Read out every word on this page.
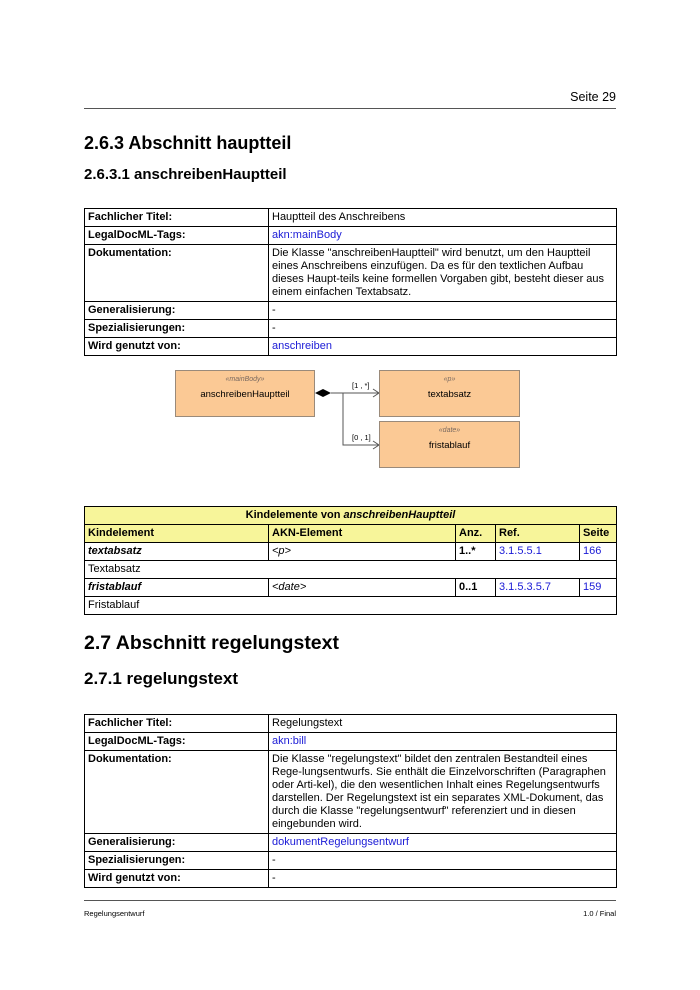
Seite 29
2.6.3 Abschnitt hauptteil
2.6.3.1 anschreibenHauptteil
Fachlicher Titel:	Hauptteil des Anschreibens
LegalDocML-Tags:	akn:mainBody
Dokumentation:	Die Klasse "anschreibenHauptteil" wird benutzt, um den Hauptteil eines Anschreibens einzufügen. Da es für den textlichen Aufbau dieses Haupt-teils keine formellen Vorgaben gibt, besteht dieser aus einem einfachen Textabsatz.
Generalisierung:	-
Spezialisierungen:	-
Wird genutzt von:	anschreiben
«mainBody»
anschreibenHauptteil
«p»
textabsatz
«date»
fristablauf
[1 , *]
[0 , 1]
Kindelemente von anschreibenHauptteil				
Kindelement	AKN-Element	Anz.	Ref.	Seite
textabsatz	<p>	1..*	3.1.5.5.1	166
Textabsatz				
fristablauf	<date>	0..1	3.1.5.3.5.7	159
Fristablauf				
2.7 Abschnitt regelungstext
2.7.1 regelungstext
Fachlicher Titel:	Regelungstext
LegalDocML-Tags:	akn:bill
Dokumentation:	Die Klasse "regelungstext" bildet den zentralen Bestandteil eines Rege-lungsentwurfs. Sie enthält die Einzelvorschriften (Paragraphen oder Arti-kel), die den wesentlichen Inhalt eines Regelungsentwurfs darstellen. Der Regelungstext ist ein separates XML-Dokument, das durch die Klasse "regelungsentwurf" referenziert und in diesen eingebunden wird.
Generalisierung:	dokumentRegelungsentwurf
Spezialisierungen:	-
Wird genutzt von:	-
Regelungsentwurf	1.0 / Final
